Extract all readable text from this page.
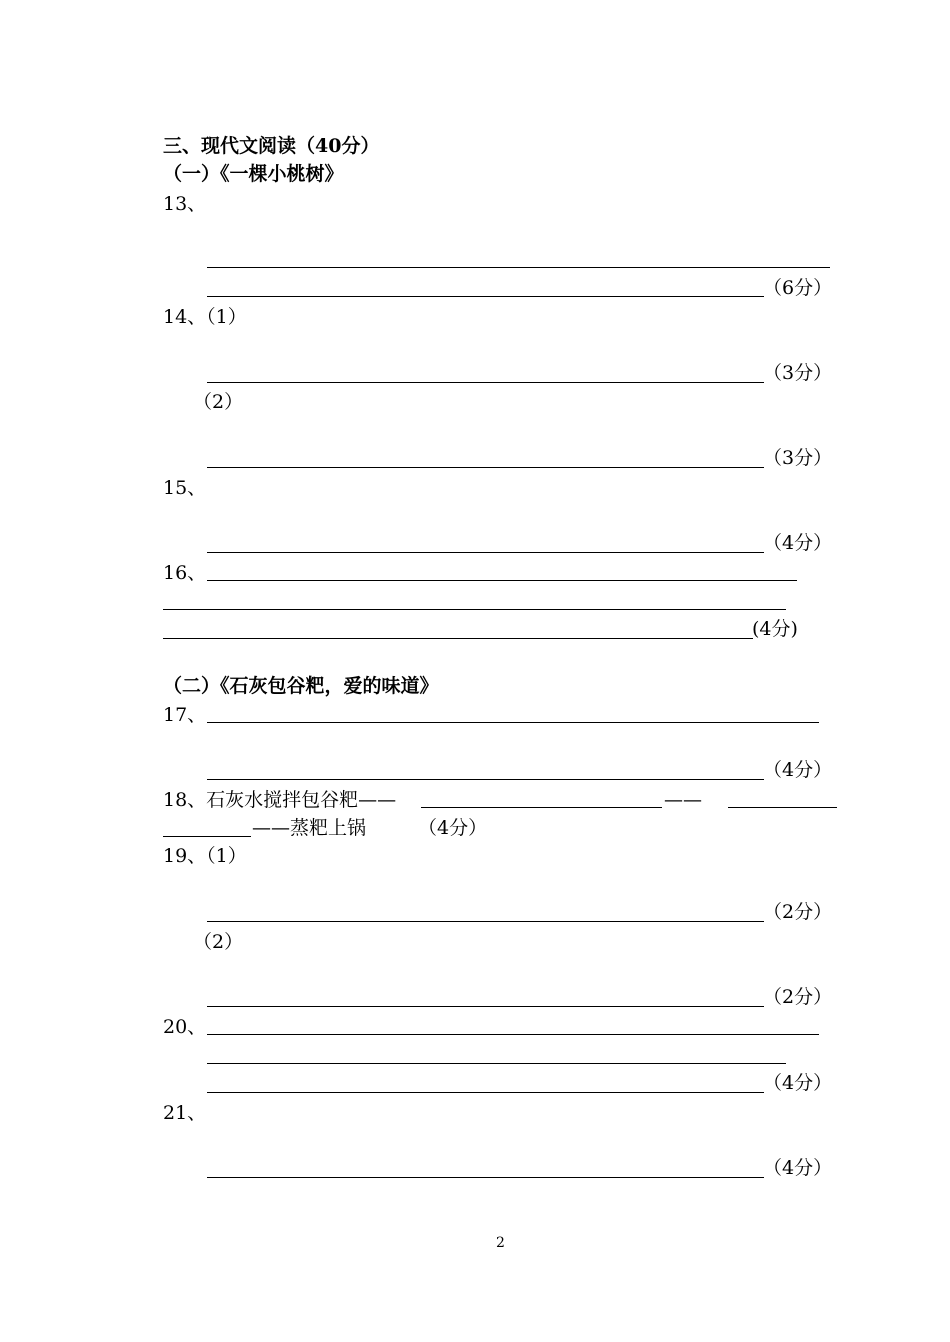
三、现代文阅读（40分）
（一）《一棵小桃树》
13、
（6分）
14、（1）
（3分）
（2）
（3分）
15、
（4分）
16、
(4分)
（二）《石灰包谷粑，爱的味道》
17、
（4分）
18、石灰水搅拌包谷粑——	——
——蒸粑上锅	（4分）
19、（1）
（2分）
（2）
（2分）
20、
（4分）
21、
（4分）
2
